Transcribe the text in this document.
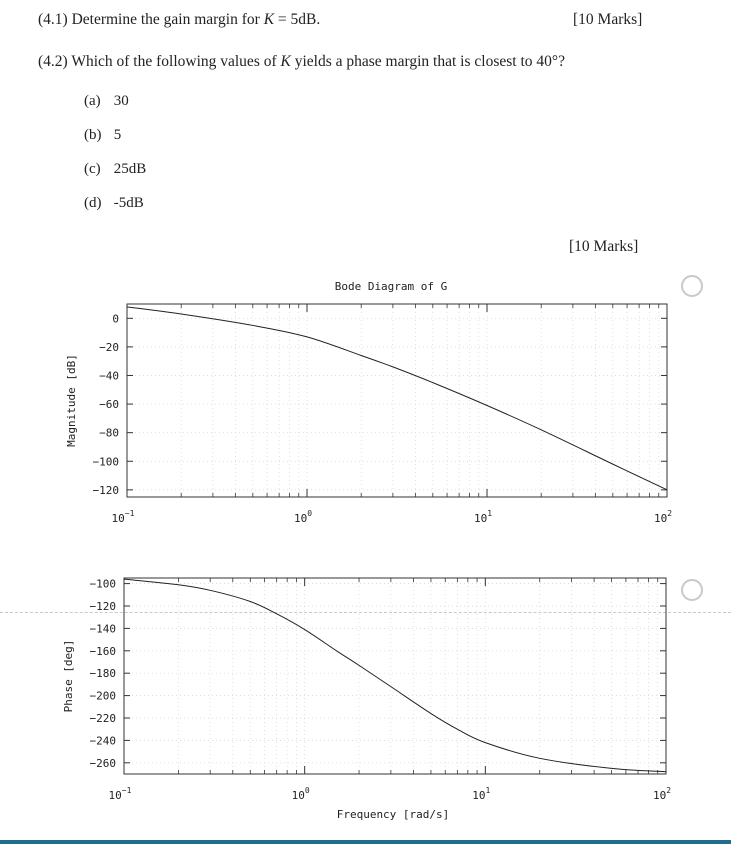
(4.1) Determine the gain margin for K = 5dB.	[10 Marks]
(4.2) Which of the following values of K yields a phase margin that is closest to 40°?
(a) 30
(b) 5
(c) 25dB
(d) -5dB
[10 Marks]
$10^{-1}$	$10^0$	$10^1$	$10^2$
0
−20
−40
−60
−80
−100
−120
Magnitude [dB]
Bode Diagram of G
$10^{-1}$	$10^0$	$10^1$	$10^2$
−100
−120
−140
−160
−180
−200
−220
−240
−260
Phase [deg]
Frequency [rad/s]
